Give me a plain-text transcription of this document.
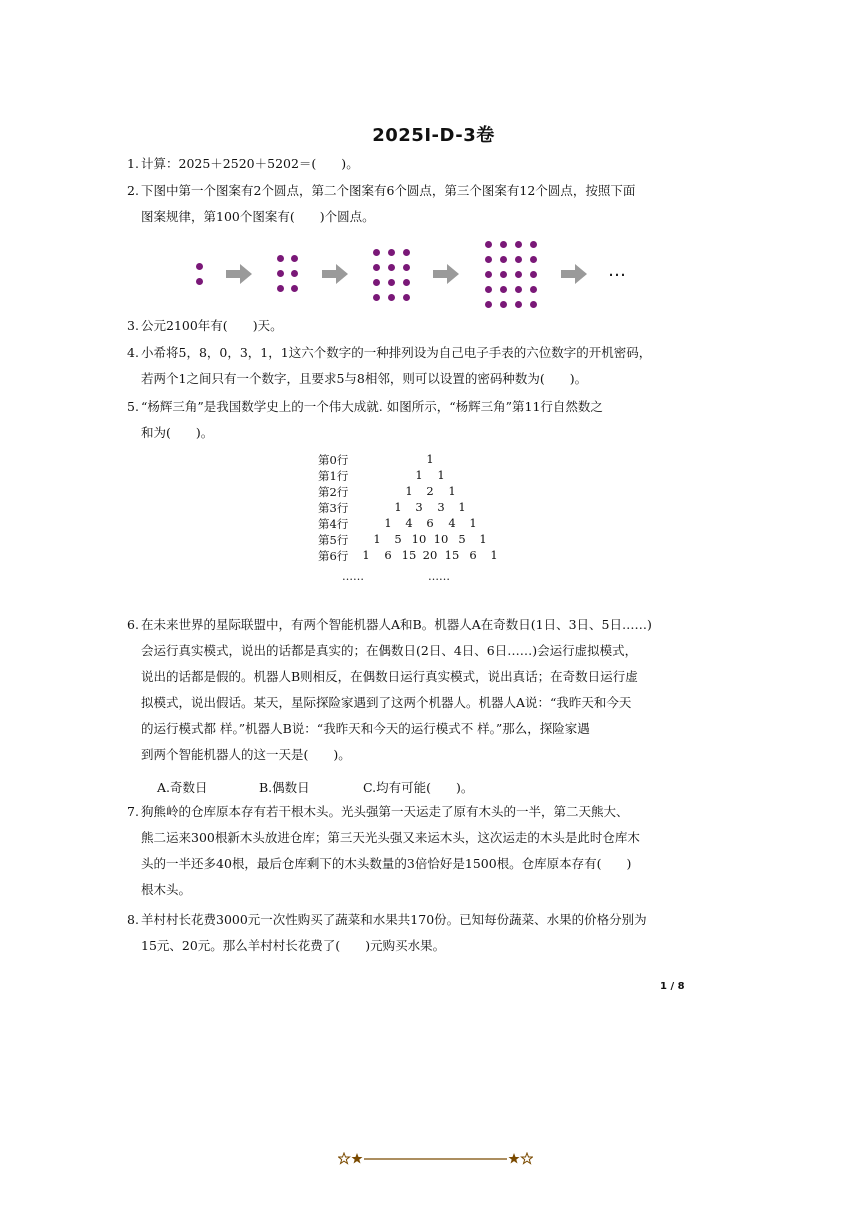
2025I-D-3卷
1. 计算：2025＋2520＋5202＝(　　)。
2. 下图中第一个图案有2个圆点，第二个图案有6个圆点，第三个图案有12个圆点，按照下面
图案规律，第100个图案有(　　)个圆点。
…
3. 公元2100年有(　　)天。
4. 小希将5，8，0，3，1，1这六个数字的一种排列设为自己电子手表的六位数字的开机密码，
若两个1之间只有一个数字，且要求5与8相邻，则可以设置的密码种数为(　　)。
5. “杨辉三角”是我国数学史上的一个伟大成就. 如图所示，“杨辉三角”第11行自然数之
和为(　　)。
第0行	1
第1行	1	1
第2行	1	2	1
第3行	1	3	3	1
第4行	1	4	6	4	1
第5行	1	5 10 10 5	1
第6行	1	6 15 20 15 6	1
……	……
6. 在未来世界的星际联盟中，有两个智能机器人A和B。机器人A在奇数日(1日、3日、5日……)
会运行真实模式，说出的话都是真实的；在偶数日(2日、4日、6日……)会运行虚拟模式，
说出的话都是假的。机器人B则相反，在偶数日运行真实模式，说出真话；在奇数日运行虚
拟模式，说出假话。某天，星际探险家遇到了这两个机器人。机器人A说：“我昨天和今天
的运行模式都 样。”机器人B说：“我昨天和今天的运行模式不 样。”那么，探险家遇
到两个智能机器人的这一天是(　　)。
A.奇数日	B.偶数日	C.均有可能(　　)。
7. 狗熊岭的仓库原本存有若干根木头。光头强第一天运走了原有木头的一半，第二天熊大、
熊二运来300根新木头放进仓库；第三天光头强又来运木头，这次运走的木头是此时仓库木
头的一半还多40根，最后仓库剩下的木头数量的3倍恰好是1500根。仓库原本存有(　　)
根木头。
8. 羊村村长花费3000元一次性购买了蔬菜和水果共170份。已知每份蔬菜、水果的价格分别为
15元、20元。那么羊村村长花费了(　　)元购买水果。
1 / 8
